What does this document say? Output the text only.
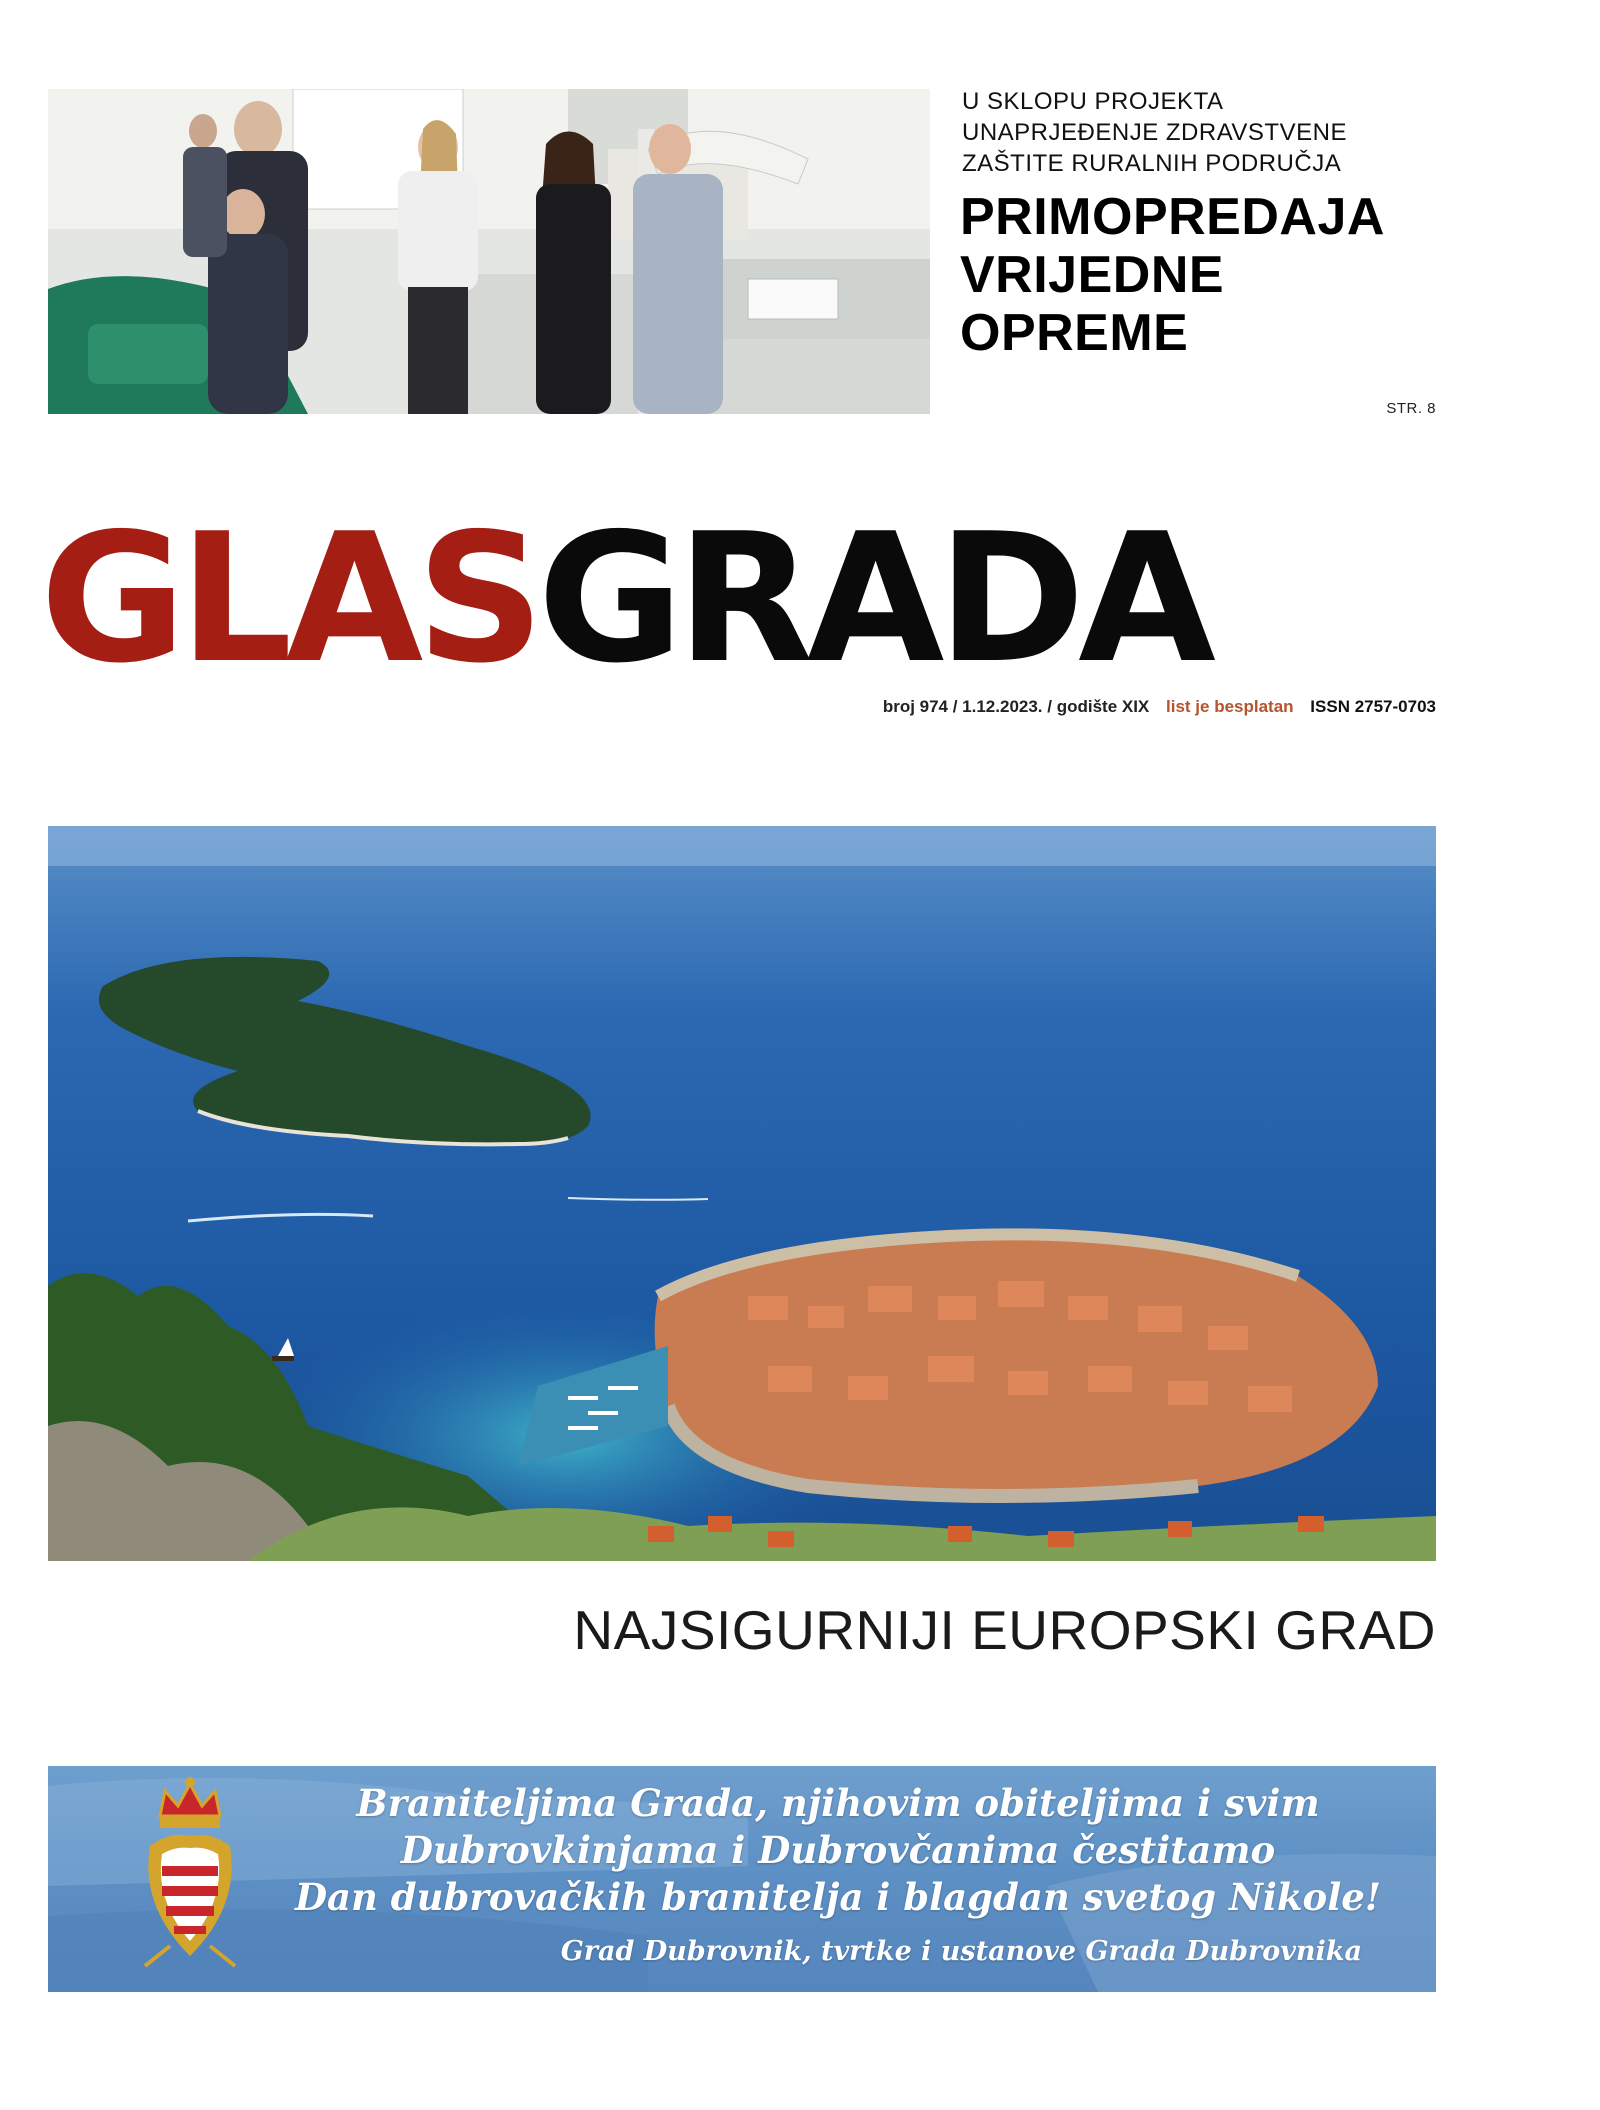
U SKLOPU PROJEKTA
UNAPRJEĐENJE ZDRAVSTVENE
ZAŠTITE RURALNIH PODRUČJA
PRIMOPREDAJA
VRIJEDNE
OPREME
STR. 8
GLASGRADA
broj 974 / 1.12.2023. / godište XIX list je besplatan ISSN 2757-0703
NAJSIGURNIJI EUROPSKI GRAD
Braniteljima Grada, njihovim obiteljima i svim
Dubrovkinjama i Dubrovčanima čestitamo
Dan dubrovačkih branitelja i blagdan svetog Nikole!
Grad Dubrovnik, tvrtke i ustanove Grada Dubrovnika
